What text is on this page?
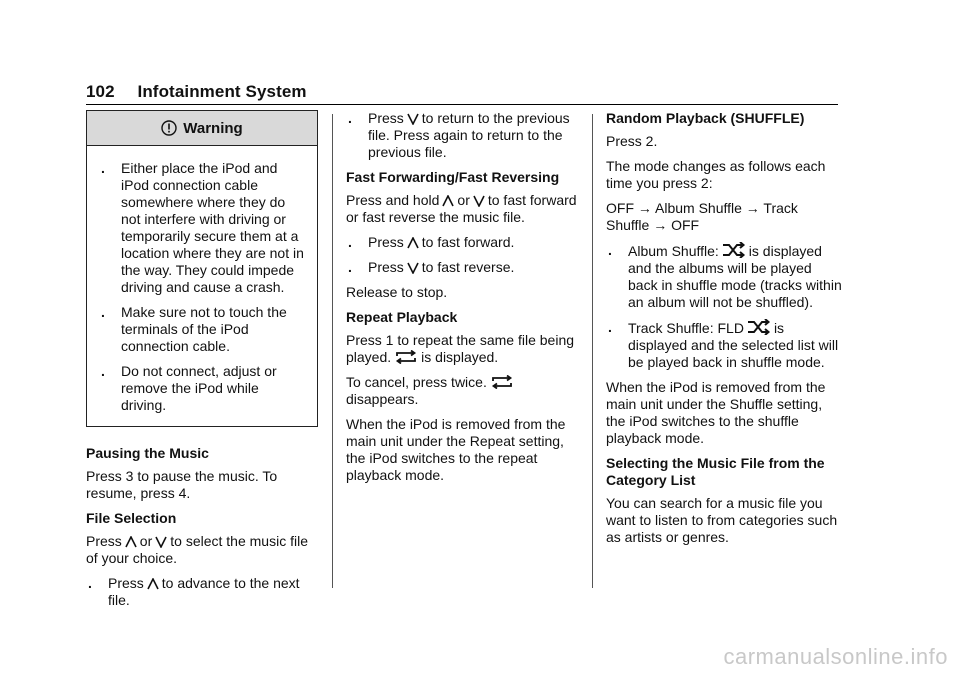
102 Infotainment System
Warning
. Either place the iPod and iPod connection cable somewhere where they do not interfere with driving or temporarily secure them at a location where they are not in the way. They could impede driving and cause a crash.
. Make sure not to touch the terminals of the iPod connection cable.
. Do not connect, adjust or remove the iPod while driving.

Pausing the Music

Press 3 to pause the music. To resume, press 4.

File Selection

Press or to select the music file of your choice.

. Press to advance to the next file.
. Press to return to the previous file. Press again to return to the previous file.

Fast Forwarding/Fast Reversing

Press and hold or to fast forward or fast reverse the music file.

. Press to fast forward.
. Press to fast reverse.

Release to stop.

Repeat Playback

Press 1 to repeat the same file being played. is displayed.

To cancel, press twice.disappears.

When the iPod is removed from the main unit under the Repeat setting, the iPod switches to the repeat playback mode.

Random Playback (SHUFFLE)

Press 2.

The mode changes as follows each time you press 2:

OFF → Album Shuffle → Track Shuffle → OFF

. Album Shuffle: is displayed and the albums will be played back in shuffle mode (tracks within an album will not be shuffled).
. Track Shuffle: FLD is displayed and the selected list will be played back in shuffle mode.

When the iPod is removed from the main unit under the Shuffle setting, the iPod switches to the shuffle playback mode.

Selecting the Music File from the Category List

You can search for a music file you want to listen to from categories such as artists or genres.

carmanualsonline.info
